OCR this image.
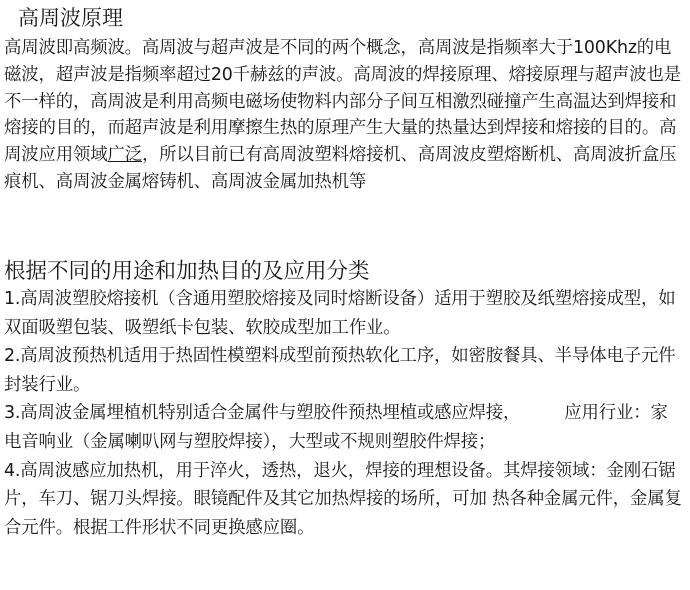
高周波原理

高周波即高频波。高周波与超声波是不同的两个概念，高周波是指频率大于100Khz的电磁波，超声波是指频率超过20千赫兹的声波。高周波的焊接原理、熔接原理与超声波也是不一样的，高周波是利用高频电磁场使物料内部分子间互相激烈碰撞产生高温达到焊接和熔接的目的，而超声波是利用摩擦生热的原理产生大量的热量达到焊接和熔接的目的。高周波应用领域广泛，所以目前已有高周波塑料熔接机、高周波皮塑熔断机、高周波折盒压痕机、高周波金属熔铸机、高周波金属加热机等

根据不同的用途和加热目的及应用分类

1.高周波塑胶熔接机（含通用塑胶熔接及同时熔断设备）适用于塑胶及纸塑熔接成型，如双面吸塑包装、吸塑纸卡包装、软胶成型加工作业。

2.高周波预热机适用于热固性模塑料成型前预热软化工序，如密胺餐具、半导体电子元件封装行业。

3.高周波金属埋植机特别适合金属件与塑胶件预热埋植或感应焊接，	应用行业：家电音响业（金属喇叭网与塑胶焊接），大型或不规则塑胶件焊接；

4.高周波感应加热机，用于淬火，透热，退火，焊接的理想设备。其焊接领域：金刚石锯片，车刀、锯刀头焊接。眼镜配件及其它加热焊接的场所，可加 热各种金属元件，金属复合元件。根据工件形状不同更换感应圈。
